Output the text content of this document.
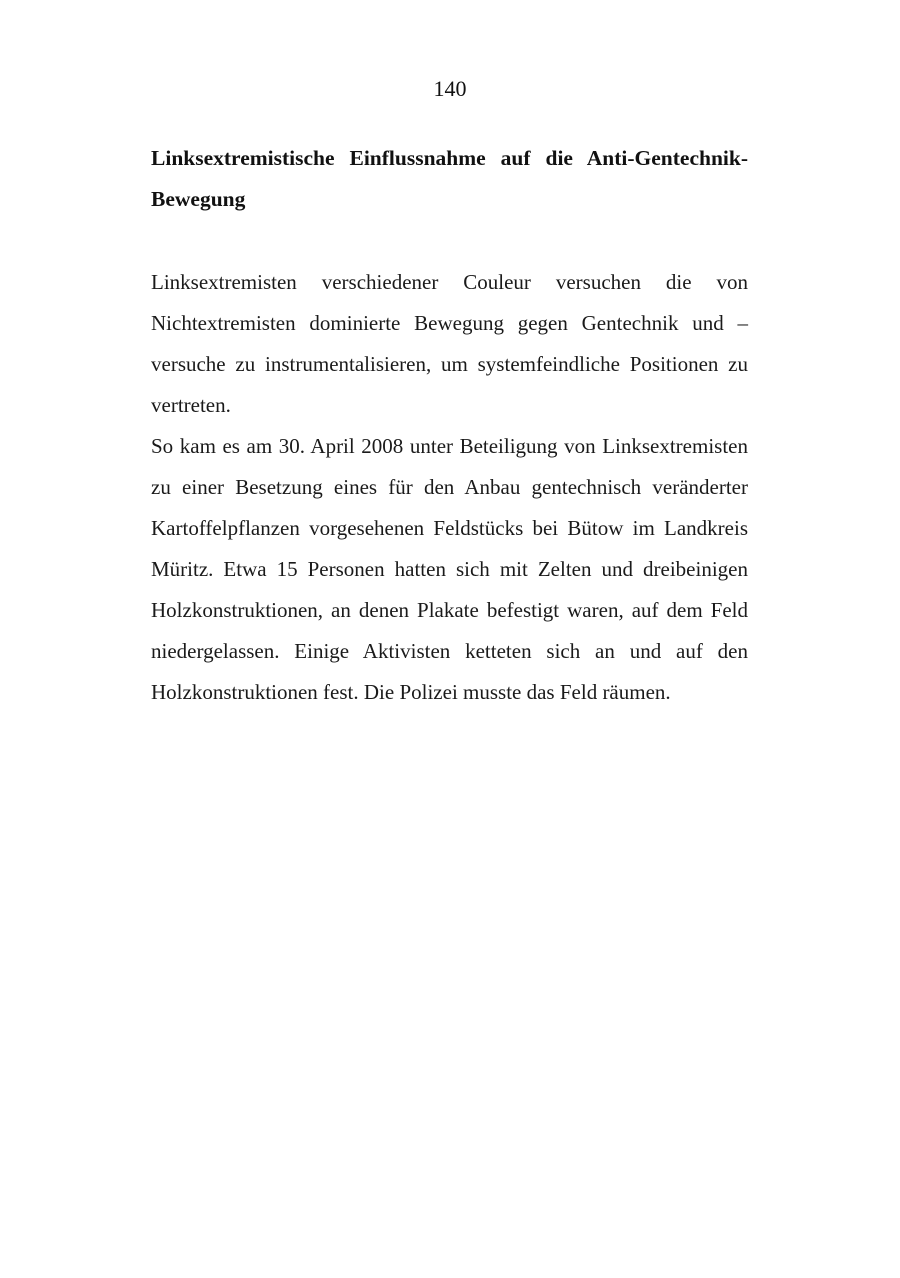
140
Linksextremistische Einflussnahme auf die Anti-Gentechnik-Bewegung

Linksextremisten verschiedener Couleur versuchen die von Nichtextremisten dominierte Bewegung gegen Gentechnik und –versuche zu instrumentalisieren, um systemfeindliche Positionen zu vertreten.

So kam es am 30. April 2008 unter Beteiligung von Linksextremisten zu einer Besetzung eines für den Anbau gentechnisch veränderter Kartoffelpflanzen vorgesehenen Feldstücks bei Bütow im Landkreis Müritz. Etwa 15 Personen hatten sich mit Zelten und dreibeinigen Holzkonstruktionen, an denen Plakate befestigt waren, auf dem Feld niedergelassen. Einige Aktivisten ketteten sich an und auf den Holzkonstruktionen fest. Die Polizei musste das Feld räumen.
